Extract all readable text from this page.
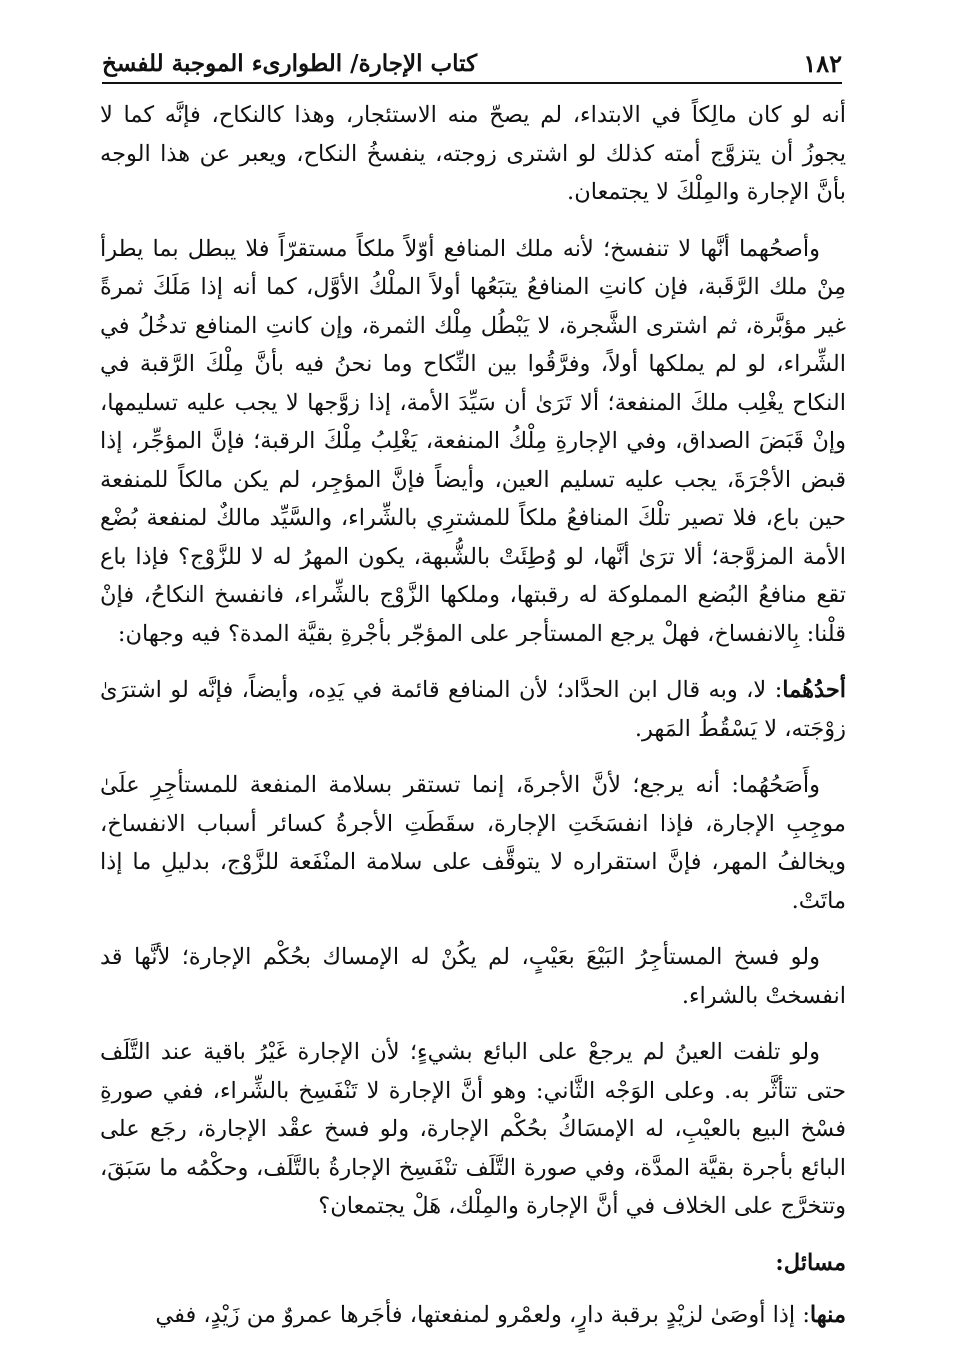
١٨٢
كتاب الإجارة/ الطوارىء الموجبة للفسخ

أنه لو كان مالِكاً في الابتداء، لم يصحّ منه الاستئجار، وهذا كالنكاح، فإنَّه كما لا يجوزُ أن يتزوَّج أمته كذلك لو اشترى زوجته، ينفسخُ النكاح، ويعبر عن هذا الوجه بأنَّ الإجارة والمِلْكَ لا يجتمعان.

وأصحُهما أنَّها لا تنفسخ؛ لأنه ملك المنافع أوّلاً ملكاً مستقرّاً فلا يبطل بما يطرأ مِنْ ملك الرَّقَبة، فإن كانتِ المنافعُ يتبَعُها أولاً الملْكُ الأوَّل، كما أنه إذا مَلَكَ ثمرةً غير مؤبَّرة، ثم اشترى الشَّجرة، لا يَبْطُل مِلْك الثمرة، وإن كانتِ المنافع تدخُلُ في الشِّراء، لو لم يملكها أولاً، وفرَّقُوا بين النِّكاح وما نحنُ فيه بأنَّ مِلْكَ الرَّقبة في النكاح يغْلِب ملكَ المنفعة؛ ألا تَرَىٰ أن سَيِّدَ الأمة، إذا زوَّجها لا يجب عليه تسليمها، وإنْ قَبَضَ الصداق، وفي الإجارةِ مِلْكُ المنفعة، يَغْلِبُ مِلْكَ الرقبة؛ فإنَّ المؤجِّر، إذا قبض الأجْرَةَ، يجب عليه تسليم العين، وأيضاً فإنَّ المؤجِر، لم يكن مالكاً للمنفعة حين باع، فلا تصير تلْكَ المنافعُ ملكاً للمشترِي بالشِّراء، والسَّيِّد مالكٌ لمنفعة بُضْع الأمة المزوَّجة؛ ألا ترَىٰ أنَّها، لو وُطِئَتْ بالشُّبهة، يكون المهرُ له لا للزَّوْج؟ فإذا باع تقع منافعُ البُضع المملوكة له رقبتها، وملكها الزَّوْج بالشِّراء، فانفسخ النكاحُ، فإنْ قلْنا: بِالانفساخ، فهلْ يرجع المستأجر على المؤجّر بأجْرةِ بقيَّة المدة؟ فيه وجهان:

أحدُهُما: لا، وبه قال ابن الحدَّاد؛ لأن المنافع قائمة في يَدِه، وأيضاً، فإنَّه لو اشترَىٰ زوْجَته، لا يَسْقُطُ المَهر.

وأَصَحُهُما: أنه يرجع؛ لأنَّ الأجرةَ، إنما تستقر بسلامة المنفعة للمستأجِرِ علَىٰ موجِبِ الإجارة، فإذا انفسَخَتِ الإجارة، سقَطَتِ الأجرةُ كسائر أسباب الانفساخ، ويخالفُ المهر، فإنَّ استقراره لا يتوقَّف على سلامة المنْفَعة للزَّوْج، بدليلِ ما إذا ماتَتْ.

ولو فسخ المستأجِرُ البَيْعَ بعَيْبٍ، لم يكُنْ له الإمساك بحُكْم الإجارة؛ لأنَّها قد انفسختْ بالشراء.

ولو تلفت العينُ لم يرجعْ على البائع بشيءٍ؛ لأن الإجارة غَيْرُ باقية عند التَّلَف حتى تتأثَّر به. وعلى الوَجْه الثَّاني: وهو أنَّ الإجارة لا تَنْفَسِخ بالشِّراء، ففي صورةِ فسْخ البيع بالعيْبِ، له الإمسَاكُ بحُكْم الإجارة، ولو فسخ عقْد الإجارة، رجَع على البائع بأجرة بقيَّة المدَّة، وفي صورة التَّلَف تنْفَسِخ الإجارةُ بالتَّلَف، وحكْمُه ما سَبَقَ، وتتخرَّج على الخلاف في أنَّ الإجارة والمِلْك، هَلْ يجتمعان؟

مسائل:

منها: إذا أوصَىٰ لزيْدٍ برقبة دارٍ، ولعمْرو لمنفعتها، فأجَرها عمروٌ من زَيْدٍ، ففي
